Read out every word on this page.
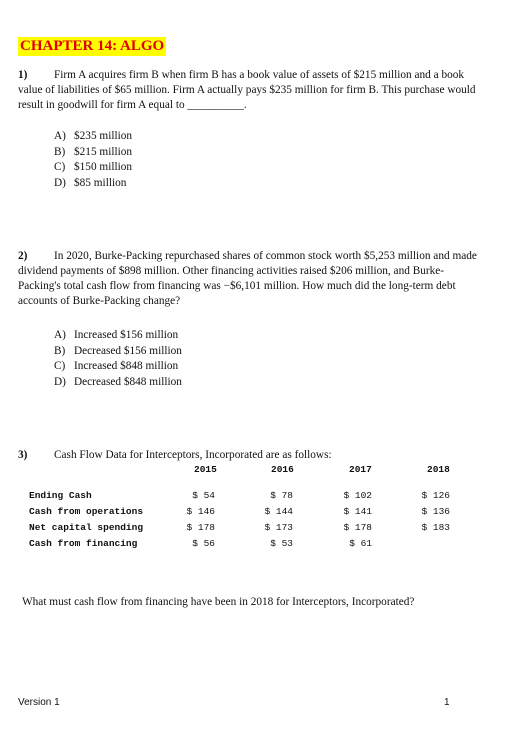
CHAPTER 14: ALGO
1) Firm A acquires firm B when firm B has a book value of assets of $215 million and a book value of liabilities of $65 million. Firm A actually pays $235 million for firm B. This purchase would result in goodwill for firm A equal to __________.
A) $235 million
B) $215 million
C) $150 million
D) $85 million
2) In 2020, Burke-Packing repurchased shares of common stock worth $5,253 million and made dividend payments of $898 million. Other financing activities raised $206 million, and Burke-Packing's total cash flow from financing was −$6,101 million. How much did the long-term debt accounts of Burke-Packing change?
A) Increased $156 million
B) Decreased $156 million
C) Increased $848 million
D) Decreased $848 million
3) Cash Flow Data for Interceptors, Incorporated are as follows:
2015	2016	2017	2018
Ending Cash	$ 54	$ 78	$ 102	$ 126
Cash from operations	$ 146	$ 144	$ 141	$ 136
Net capital spending	$ 178	$ 173	$ 178	$ 183
Cash from financing	$ 56	$ 53	$ 61
What must cash flow from financing have been in 2018 for Interceptors, Incorporated?
Version 1	1
